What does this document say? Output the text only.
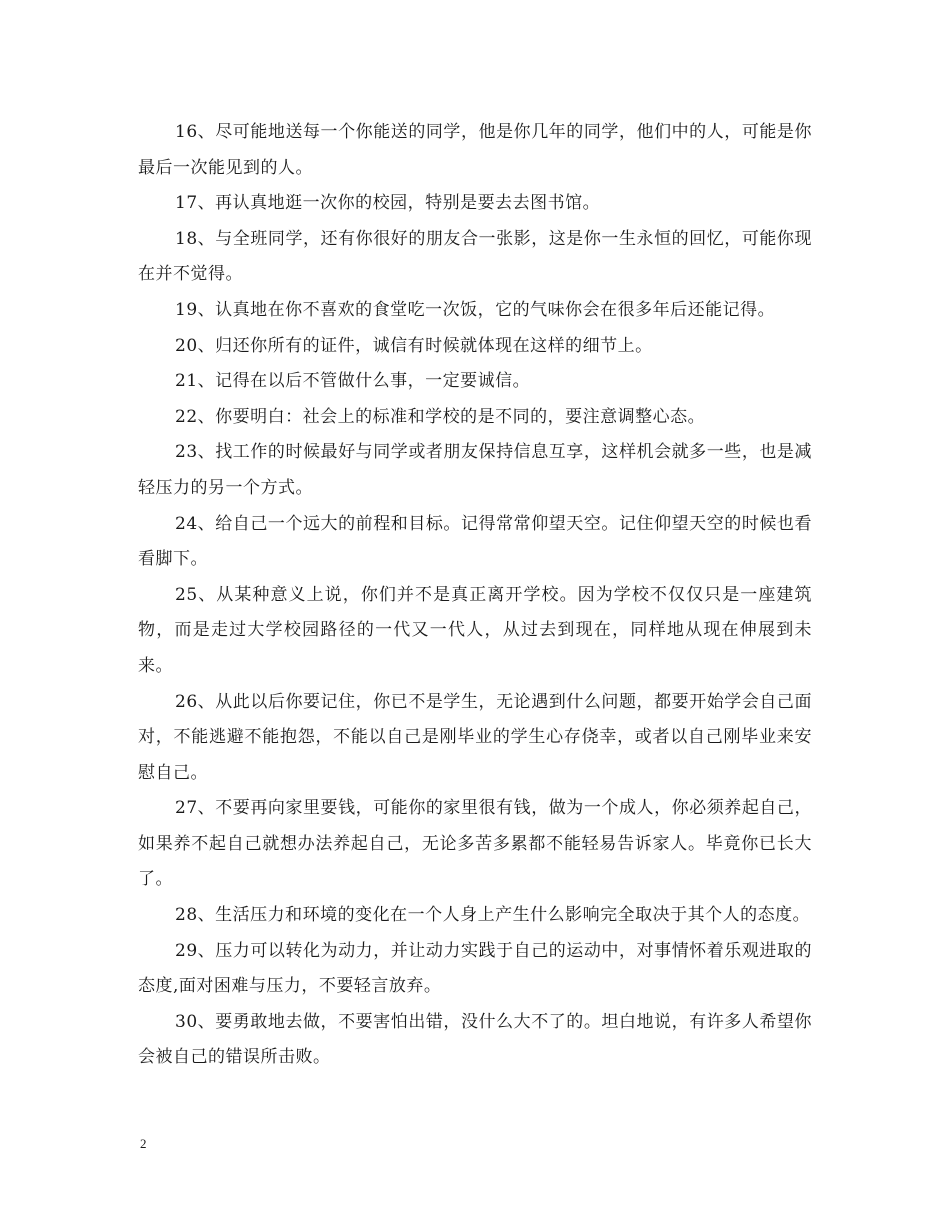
16、尽可能地送每一个你能送的同学，他是你几年的同学，他们中的人，可能是你最后一次能见到的人。

17、再认真地逛一次你的校园，特别是要去去图书馆。

18、与全班同学，还有你很好的朋友合一张影，这是你一生永恒的回忆，可能你现在并不觉得。

19、认真地在你不喜欢的食堂吃一次饭，它的气味你会在很多年后还能记得。

20、归还你所有的证件，诚信有时候就体现在这样的细节上。

21、记得在以后不管做什么事，一定要诚信。

22、你要明白：社会上的标准和学校的是不同的，要注意调整心态。

23、找工作的时候最好与同学或者朋友保持信息互享，这样机会就多一些，也是减轻压力的另一个方式。

24、给自己一个远大的前程和目标。记得常常仰望天空。记住仰望天空的时候也看看脚下。

25、从某种意义上说，你们并不是真正离开学校。因为学校不仅仅只是一座建筑物，而是走过大学校园路径的一代又一代人，从过去到现在，同样地从现在伸展到未来。

26、从此以后你要记住，你已不是学生，无论遇到什么问题，都要开始学会自己面对，不能逃避不能抱怨，不能以自己是刚毕业的学生心存侥幸，或者以自己刚毕业来安慰自己。

27、不要再向家里要钱，可能你的家里很有钱，做为一个成人，你必须养起自己，如果养不起自己就想办法养起自己，无论多苦多累都不能轻易告诉家人。毕竟你已长大了。

28、生活压力和环境的变化在一个人身上产生什么影响完全取决于其个人的态度。

29、压力可以转化为动力，并让动力实践于自己的运动中，对事情怀着乐观进取的态度,面对困难与压力，不要轻言放弃。

30、要勇敢地去做，不要害怕出错，没什么大不了的。坦白地说，有许多人希望你会被自己的错误所击败。

2
